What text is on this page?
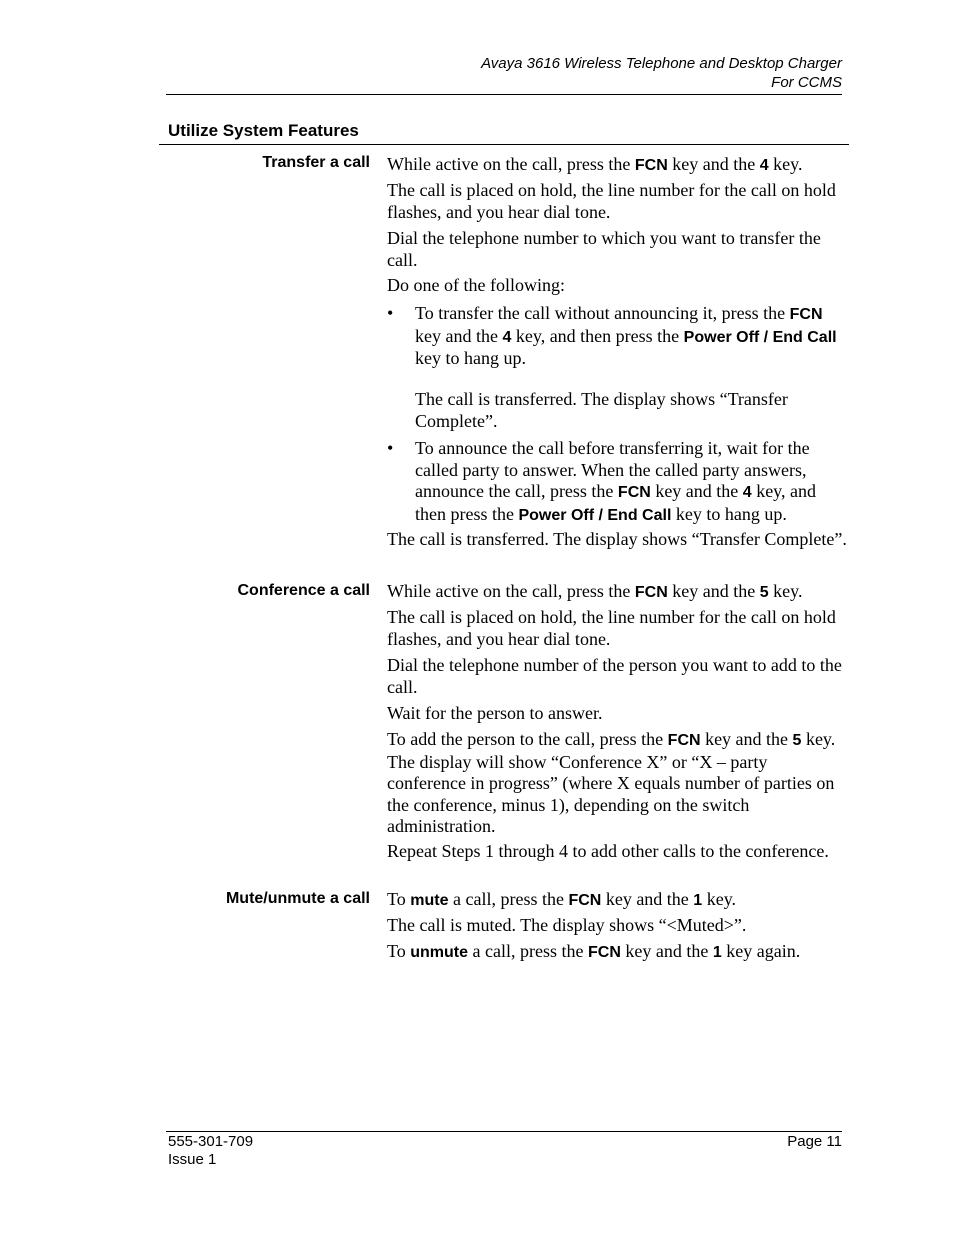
Avaya 3616 Wireless Telephone and Desktop Charger
For CCMS
Utilize System Features
Transfer a call While active on the call, press the FCN key and the 4 key.
The call is placed on hold, the line number for the call on hold flashes, and you hear dial tone.
Dial the telephone number to which you want to transfer the call.
Do one of the following:
• To transfer the call without announcing it, press the FCN key and the 4 key, and then press the Power Off / End Call key to hang up.
The call is transferred. The display shows “Transfer Complete”.
• To announce the call before transferring it, wait for the called party to answer. When the called party answers, announce the call, press the FCN key and the 4 key, and then press the Power Off / End Call key to hang up.
The call is transferred. The display shows “Transfer Complete”.
Conference a call While active on the call, press the FCN key and the 5 key.
The call is placed on hold, the line number for the call on hold flashes, and you hear dial tone.
Dial the telephone number of the person you want to add to the call.
Wait for the person to answer.
To add the person to the call, press the FCN key and the 5 key. The display will show “Conference X” or “X – party conference in progress” (where X equals number of parties on the conference, minus 1), depending on the switch administration.
Repeat Steps 1 through 4 to add other calls to the conference.
Mute/unmute a call To mute a call, press the FCN key and the 1 key.
The call is muted. The display shows “<Muted>”.
To unmute a call, press the FCN key and the 1 key again.
555-301-709
Issue 1
Page 11
